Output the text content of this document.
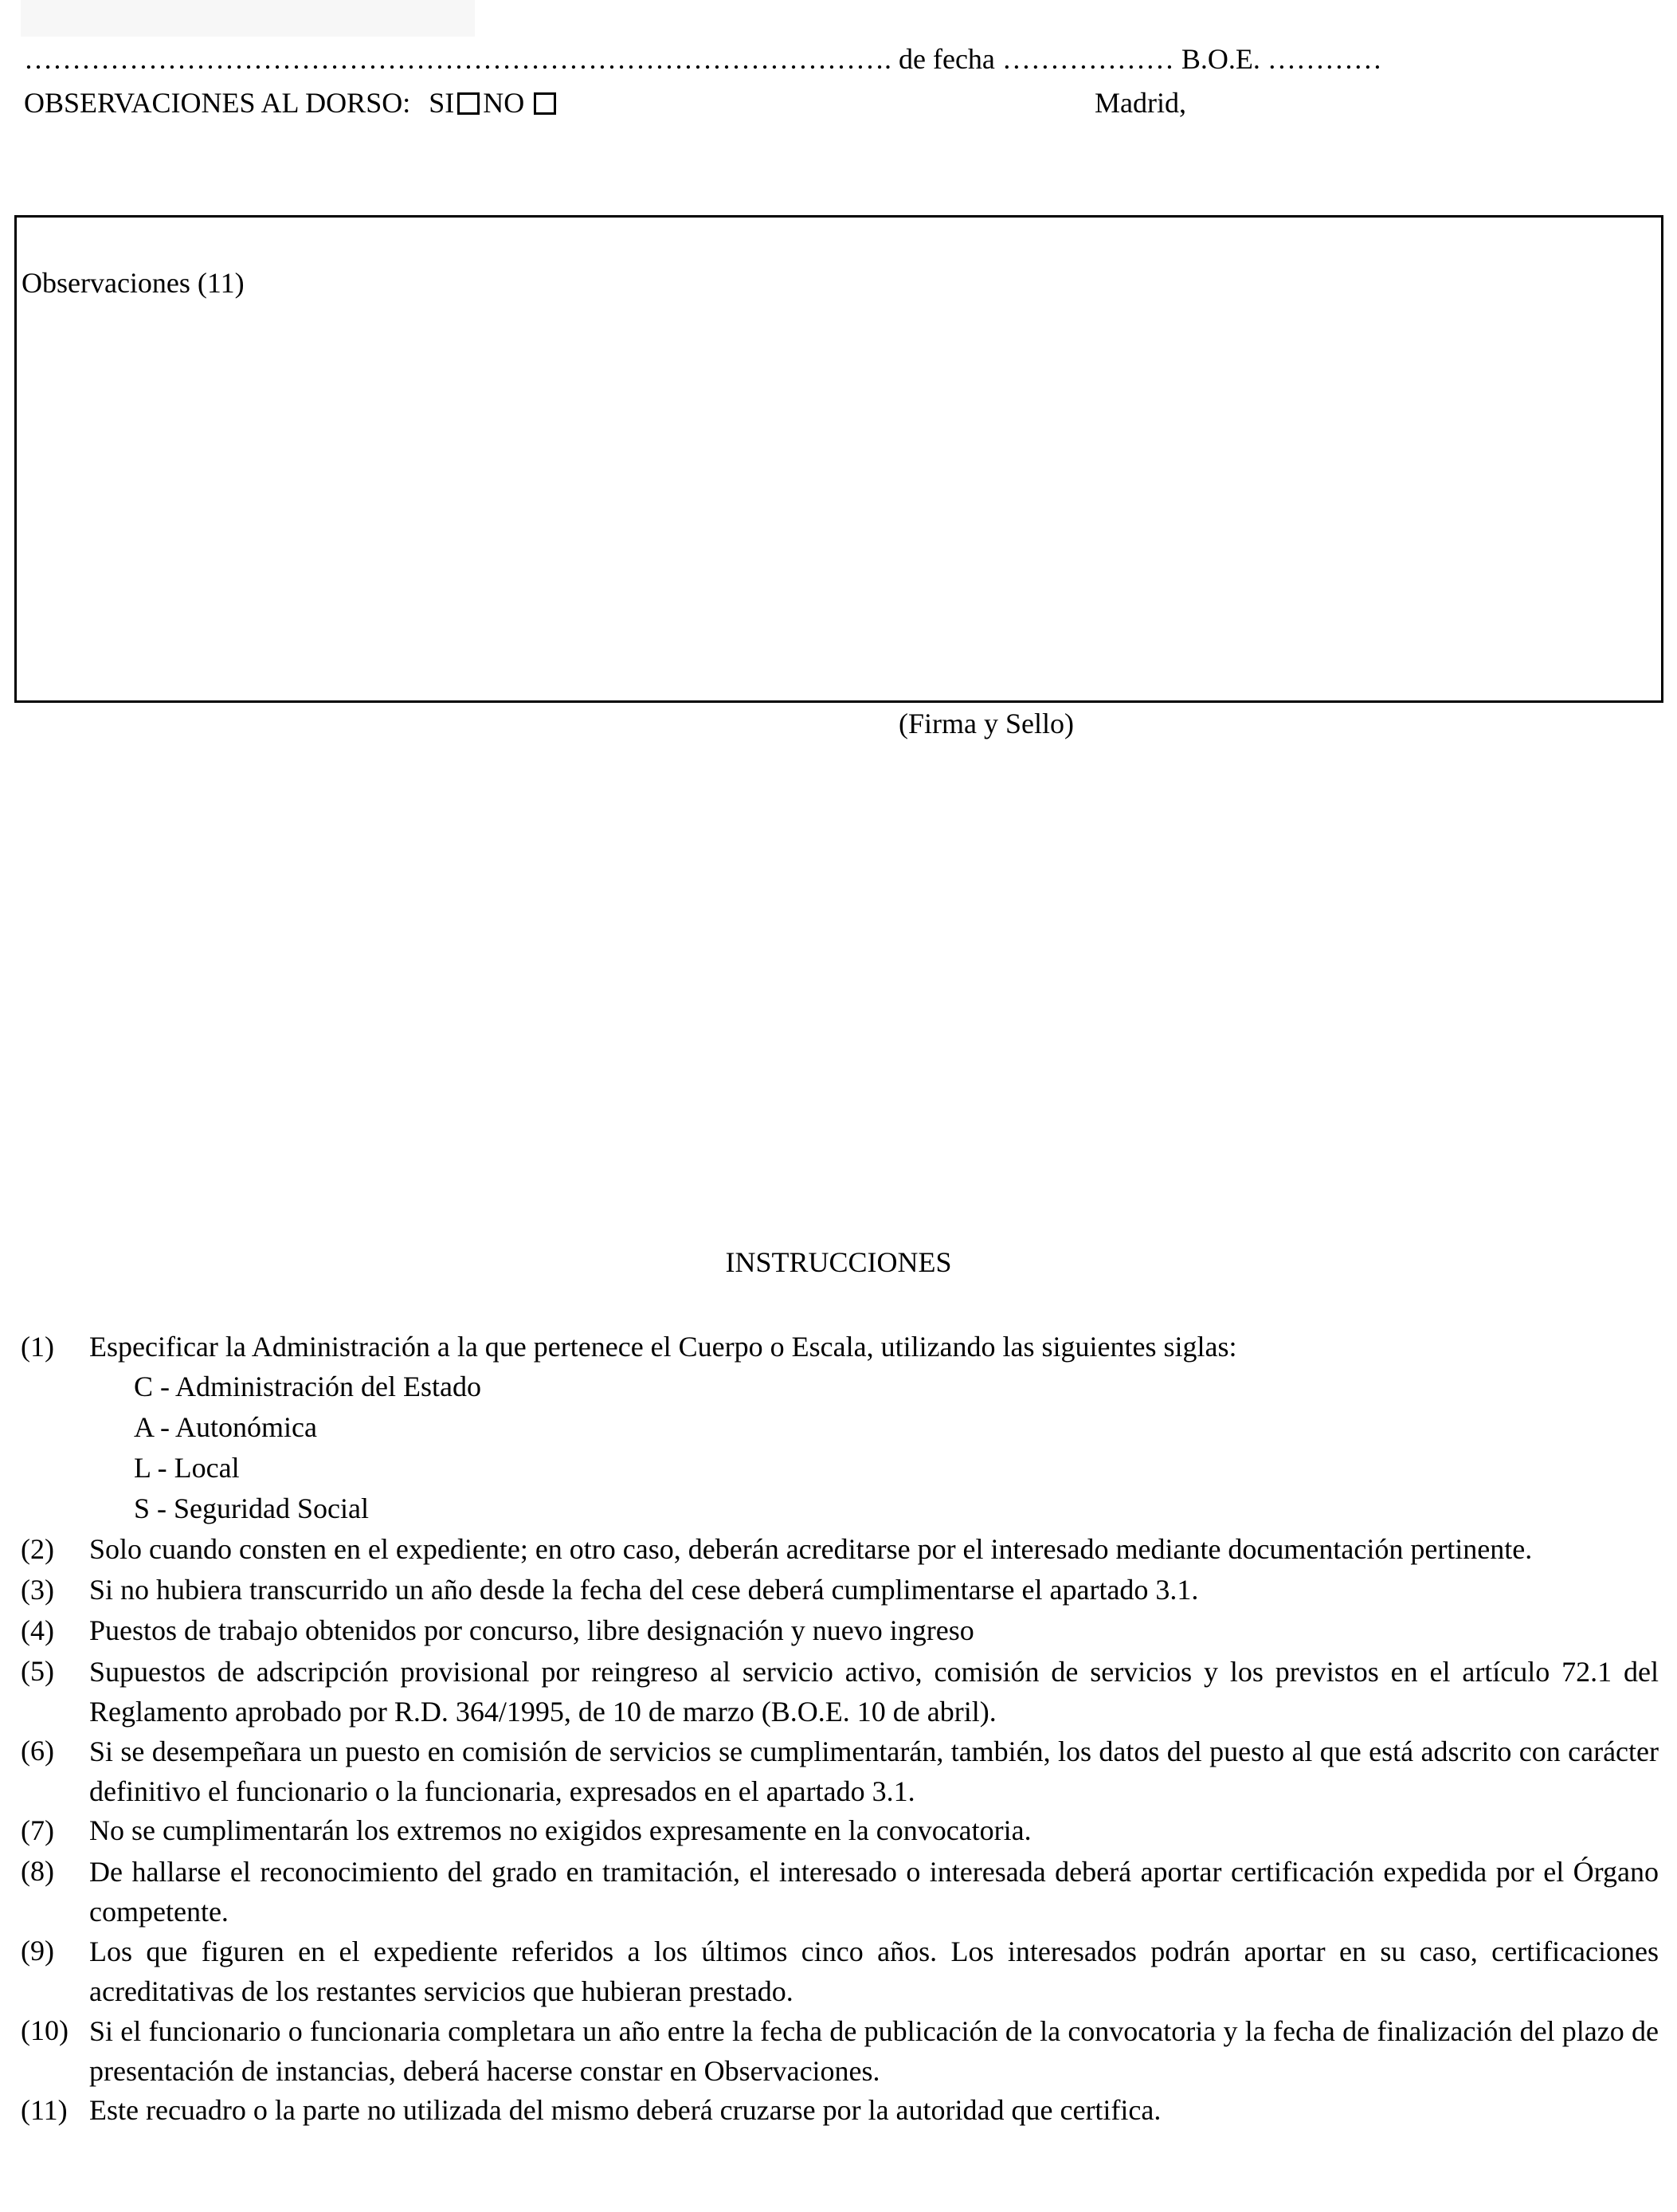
………………………………………………………………………………. de fecha ……………… B.O.E. …………
OBSERVACIONES AL DORSO: SI NO	Madrid,
Observaciones (11)
(Firma y Sello)
INSTRUCCIONES
(1) Especificar la Administración a la que pertenece el Cuerpo o Escala, utilizando las siguientes siglas:
C - Administración del Estado
A - Autonómica
L - Local
S - Seguridad Social
(2) Solo cuando consten en el expediente; en otro caso, deberán acreditarse por el interesado mediante documentación pertinente.
(3) Si no hubiera transcurrido un año desde la fecha del cese deberá cumplimentarse el apartado 3.1.
(4) Puestos de trabajo obtenidos por concurso, libre designación y nuevo ingreso
(5) Supuestos de adscripción provisional por reingreso al servicio activo, comisión de servicios y los previstos en el artículo 72.1 del Reglamento aprobado por R.D. 364/1995, de 10 de marzo (B.O.E. 10 de abril).
(6) Si se desempeñara un puesto en comisión de servicios se cumplimentarán, también, los datos del puesto al que está adscrito con carácter definitivo el funcionario o la funcionaria, expresados en el apartado 3.1.
(7) No se cumplimentarán los extremos no exigidos expresamente en la convocatoria.
(8) De hallarse el reconocimiento del grado en tramitación, el interesado o interesada deberá aportar certificación expedida por el Órgano competente.
(9) Los que figuren en el expediente referidos a los últimos cinco años. Los interesados podrán aportar en su caso, certificaciones acreditativas de los restantes servicios que hubieran prestado.
(10) Si el funcionario o funcionaria completara un año entre la fecha de publicación de la convocatoria y la fecha de finalización del plazo de presentación de instancias, deberá hacerse constar en Observaciones.
(11) Este recuadro o la parte no utilizada del mismo deberá cruzarse por la autoridad que certifica.
